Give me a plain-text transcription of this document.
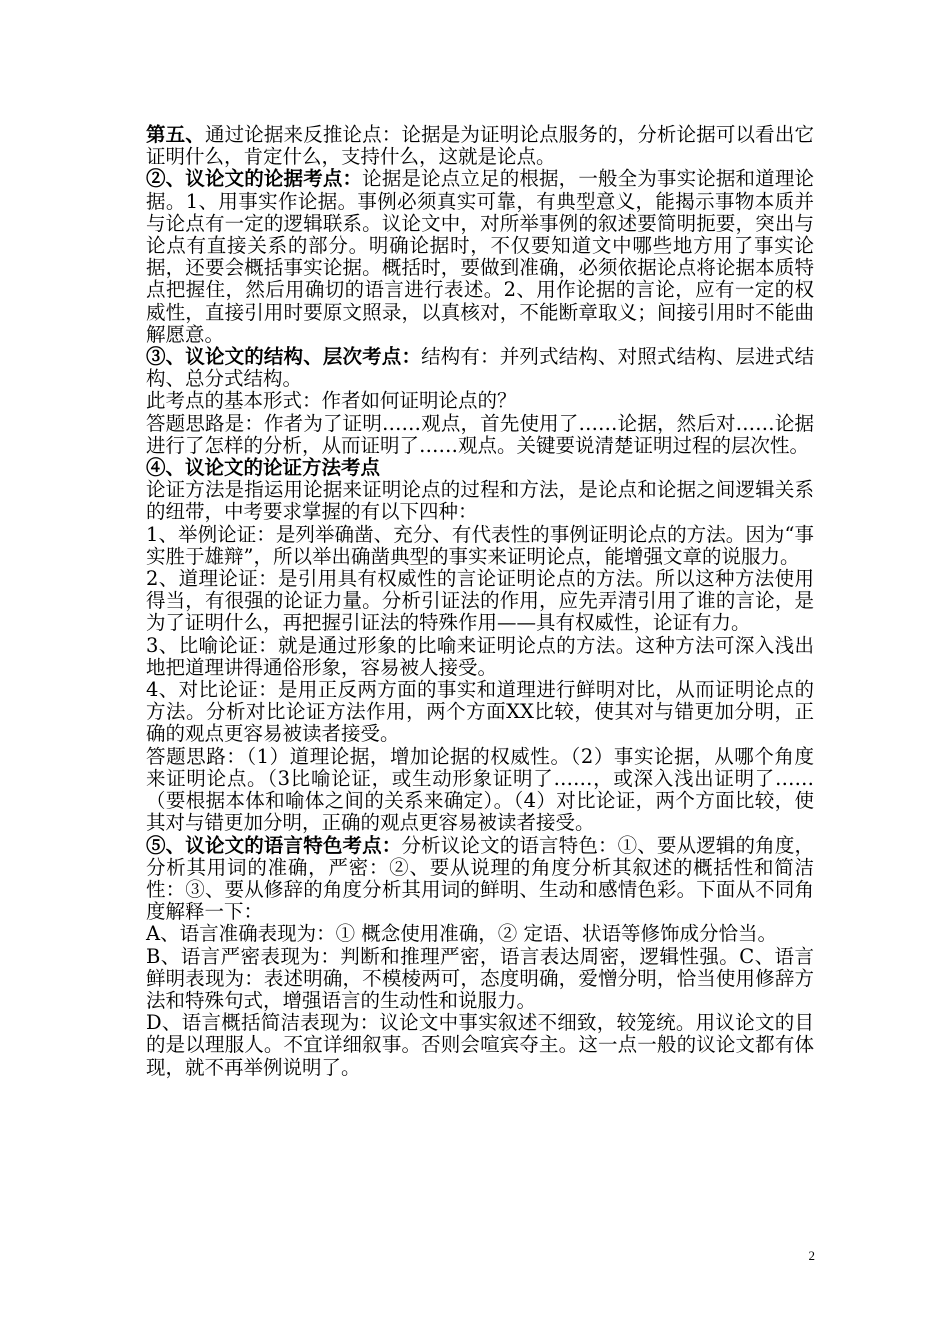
第五、通过论据来反推论点：论据是为证明论点服务的，分析论据可以看出它证明什么，肯定什么，支持什么，这就是论点。

②、议论文的论据考点：论据是论点立足的根据，一般全为事实论据和道理论据。1、用事实作论据。事例必须真实可靠，有典型意义，能揭示事物本质并与论点有一定的逻辑联系。议论文中，对所举事例的叙述要简明扼要，突出与论点有直接关系的部分。明确论据时，不仅要知道文中哪些地方用了事实论据，还要会概括事实论据。概括时，要做到准确，必须依据论点将论据本质特点把握住，然后用确切的语言进行表述。2、用作论据的言论，应有一定的权威性，直接引用时要原文照录，以真核对，不能断章取义；间接引用时不能曲解愿意。

③、议论文的结构、层次考点：结构有：并列式结构、对照式结构、层进式结构、总分式结构。

此考点的基本形式：作者如何证明论点的？

答题思路是：作者为了证明……观点，首先使用了……论据，然后对……论据进行了怎样的分析，从而证明了……观点。关键要说清楚证明过程的层次性。

④、议论文的论证方法考点

论证方法是指运用论据来证明论点的过程和方法，是论点和论据之间逻辑关系的纽带，中考要求掌握的有以下四种：

1、举例论证：是列举确凿、充分、有代表性的事例证明论点的方法。因为“事实胜于雄辩”，所以举出确凿典型的事实来证明论点，能增强文章的说服力。

2、道理论证：是引用具有权威性的言论证明论点的方法。所以这种方法使用得当，有很强的论证力量。分析引证法的作用，应先弄清引用了谁的言论，是为了证明什么，再把握引证法的特殊作用——具有权威性，论证有力。

3、比喻论证：就是通过形象的比喻来证明论点的方法。这种方法可深入浅出地把道理讲得通俗形象，容易被人接受。

4、对比论证：是用正反两方面的事实和道理进行鲜明对比，从而证明论点的方法。分析对比论证方法作用，两个方面XX比较，使其对与错更加分明，正确的观点更容易被读者接受。

答题思路：（1）道理论据，增加论据的权威性。（2）事实论据，从哪个角度来证明论点。（3比喻论证，或生动形象证明了……，或深入浅出证明了……（要根据本体和喻体之间的关系来确定）。（4）对比论证，两个方面比较，使其对与错更加分明，正确的观点更容易被读者接受。

⑤、议论文的语言特色考点：分析议论文的语言特色：①、要从逻辑的角度，分析其用词的准确，严密：②、要从说理的角度分析其叙述的概括性和简洁性：③、要从修辞的角度分析其用词的鲜明、生动和感情色彩。下面从不同角度解释一下：

A、语言准确表现为：① 概念使用准确，② 定语、状语等修饰成分恰当。

B、语言严密表现为：判断和推理严密，语言表达周密，逻辑性强。C、语言鲜明表现为：表述明确，不模棱两可，态度明确，爱憎分明，恰当使用修辞方法和特殊句式，增强语言的生动性和说服力。

D、语言概括简洁表现为：议论文中事实叙述不细致，较笼统。用议论文的目的是以理服人。不宜详细叙事。否则会喧宾夺主。这一点一般的议论文都有体现，就不再举例说明了。

2
